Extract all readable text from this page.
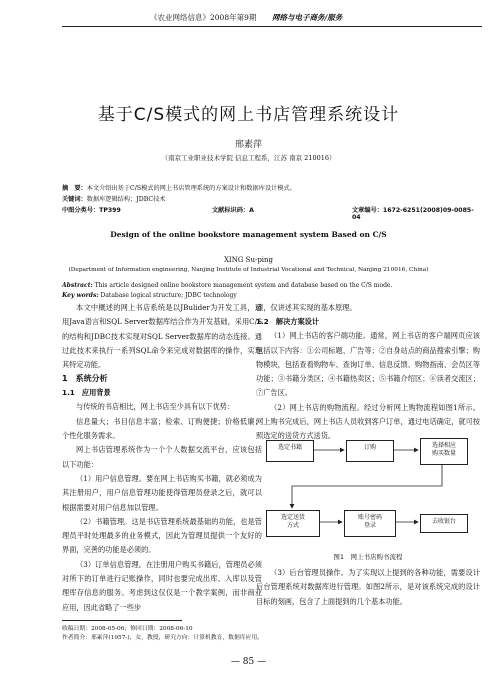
《农业网络信息》2008年第9期 网络与电子商务/服务
基于C/S模式的网上书店管理系统设计
邢素萍
（南京工业职业技术学院 信息工程系，江苏 南京 210016）
摘　要：本文介绍出基于C/S模式的网上书店管理系统的方案设计和数据库设计模式。
关键词：数据库逻辑结构；JDBC技术
中图分类号：TP399	文献标识码：A	文章编号：1672-6251(2008)09-0085-04
Design of the online bookstore management system Based on C/S
XING Su-ping
(Department of Information engineering, Nanjing Institute of Industrial Vocational and Technical, Nanjing 210016, China)
Abstract: This article designed online bookstore management system and database based on the C/S mode.
Key words: Database logical structure; JDBC technology

本文中概述的网上书店系统是以JBulider为开发工具，运用Java语言和SQL Server数据库结合作为开发基础，采用C/S的结构和JDBC技术实现对SQL Server数据库的动态连接。通过此技术来执行一系列SQL命令来完成对数据库的操作，实现其特定功能。

1　系统分析
1.1　应用背景

与传统的书店相比，网上书店至少具有以下优势：

信息量大；书目信息丰富；检索、订购便捷；价格低廉；个性化服务需求。

网上书店管理系统作为一个个人数据交流平台，应该包括以下功能：

（1）用户信息管理。要在网上书店购买书籍，就必须成为其注册用户，用户信息管理功能使得管理员登录之后，就可以根据需要对用户信息加以管理。

（2）书籍管理。这是书店管理系统最基础的功能，也是管理员平时处理最多的业务模式，因此为管理员提供一个友好的界面，完善的功能是必须的。

（3）订单信息管理。在注册用户购买书籍后，管理员必须对所下的订单进行记账操作，同时也要完成出库、入库以及管理库存信息的服务。考虑到这仅仅是一个教学案例，而非商业应用，因此省略了一些步

骤，仅讲述其实现的基本原理。

1.2　解决方案设计

（1）网上书店的客户端功能。通常，网上书店的客户端网页应该包括以下内容：①公司标题、广告等；②自身站点的商品搜索引擎；购物模块，包括查看购物车、查询订单、信息反馈、购物指南、会员区等功能；③书籍分类区；④书籍热卖区；⑤书籍介绍区；⑥读者交流区；⑦广告区。

（2）网上书店的购物流程。经过分析网上购物流程如图1所示。网上购书完成后，网上书店人员收到客户订单，通过电话确定，就可按照选定的送货方式送货。

选定书籍	订购	选择相应
购买数量
选定送货
方式
账号密码
登录
去收银台
图1　网上书店购书流程

（3）后台管理员操作。为了实现以上提到的各种功能，需要设计后台管理系统对数据库进行管理。如图2所示，是对该系统完成的设计目标的刻画，包含了上面提到的几个基本功能。

收稿日期：2008-05-06；修回日期：2008-06-10
作者简介：邢素萍(1957-)，女，教授，研究方向：计算机教育，数据库应用。
— 85 —
